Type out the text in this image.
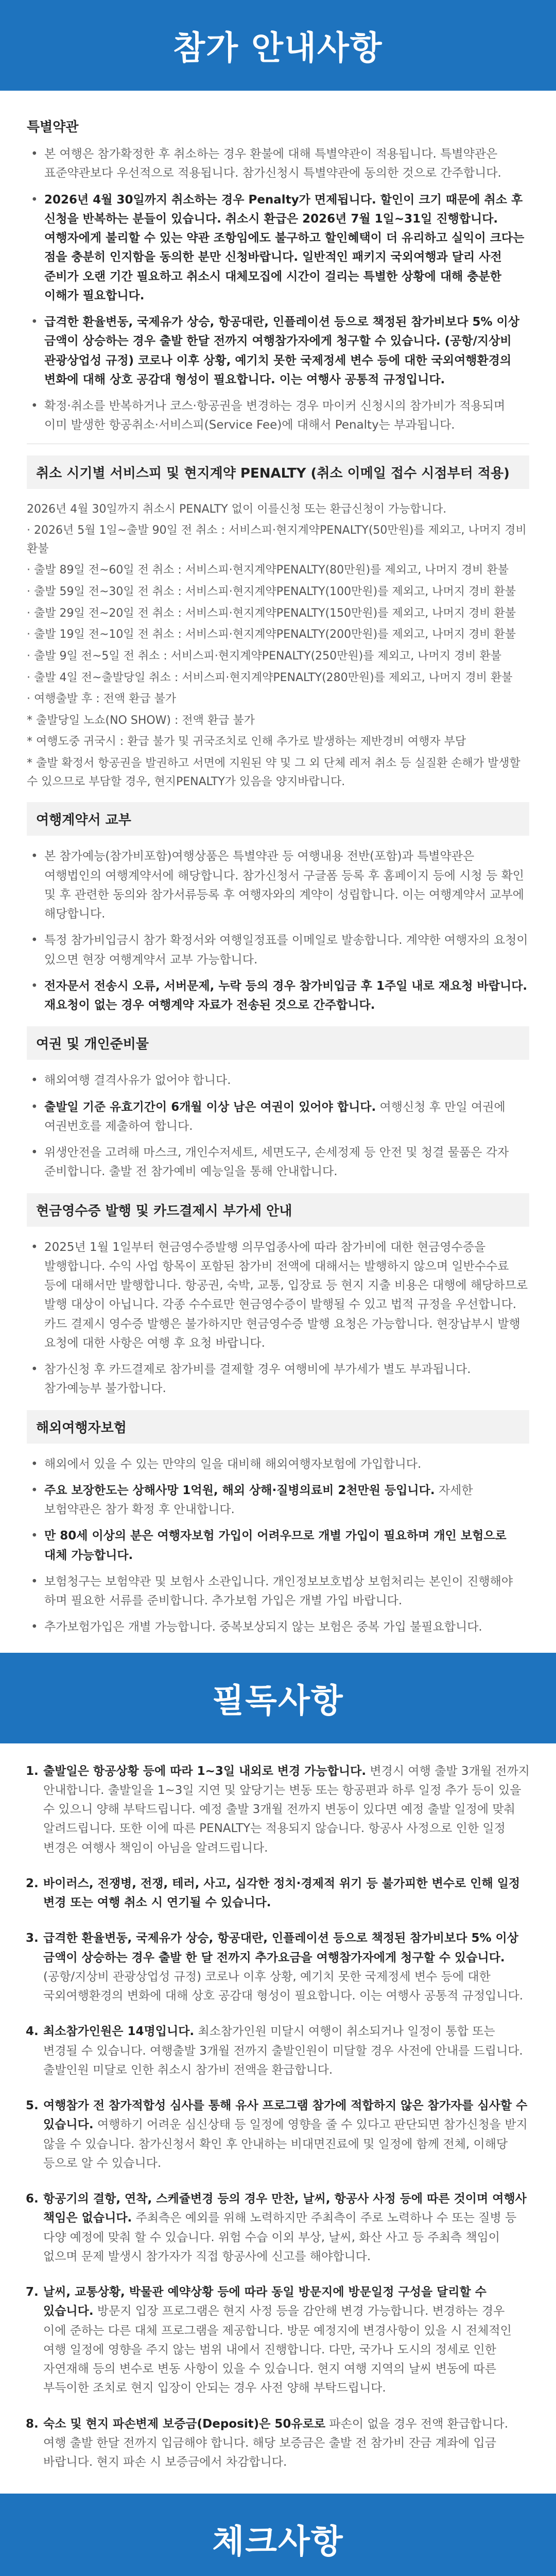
참가 안내사항
특별약관
• 본 여행은 참가확정한 후 취소하는 경우 환불에 대해 특별약관이 적용됩니다. 특별약관은 표준약관보다 우선적으로 적용됩니다. 참가신청시 특별약관에 동의한 것으로 간주합니다.
• 2026년 4월 30일까지 취소하는 경우 Penalty가 면제됩니다. 할인이 크기 때문에 취소 후 신청을 반복하는 분들이 있습니다. 취소시 환급은 2026년 7월 1일~31일 진행합니다. 여행자에게 불리할 수 있는 약관 조항임에도 불구하고 할인혜택이 더 유리하고 실익이 크다는 점을 충분히 인지함을 동의한 분만 신청바랍니다. 일반적인 패키지 국외여행과 달리 사전 준비가 오랜 기간 필요하고 취소시 대체모집에 시간이 걸리는 특별한 상황에 대해 충분한 이해가 필요합니다.
• 급격한 환율변동, 국제유가 상승, 항공대란, 인플레이션 등으로 책정된 참가비보다 5% 이상 금액이 상승하는 경우 출발 한달 전까지 여행참가자에게 청구할 수 있습니다. (공항/지상비 관광상업성 규정) 코로나 이후 상황, 예기치 못한 국제정세 변수 등에 대한 국외여행환경의 변화에 대해 상호 공감대 형성이 필요합니다. 이는 여행사 공통적 규정입니다.
• 확정·취소를 반복하거나 코스·항공권을 변경하는 경우 마이커 신청시의 참가비가 적용되며 이미 발생한 항공취소·서비스피(Service Fee)에 대해서 Penalty는 부과됩니다.
취소 시기별 서비스피 및 현지계약 PENALTY (취소 이메일 접수 시점부터 적용)

2026년 4월 30일까지 취소시 PENALTY 없이 이를신청 또는 환급신청이 가능합니다.

· 2026년 5월 1일~출발 90일 전 취소 : 서비스피·현지계약PENALTY(50만원)를 제외고, 나머지 경비 환불

· 출발 89일 전~60일 전 취소 : 서비스피·현지계약PENALTY(80만원)를 제외고, 나머지 경비 환불

· 출발 59일 전~30일 전 취소 : 서비스피·현지계약PENALTY(100만원)를 제외고, 나머지 경비 환불

· 출발 29일 전~20일 전 취소 : 서비스피·현지계약PENALTY(150만원)를 제외고, 나머지 경비 환불

· 출발 19일 전~10일 전 취소 : 서비스피·현지계약PENALTY(200만원)를 제외고, 나머지 경비 환불

· 출발 9일 전~5일 전 취소 : 서비스피·현지계약PENALTY(250만원)를 제외고, 나머지 경비 환불

· 출발 4일 전~출발당일 취소 : 서비스피·현지계약PENALTY(280만원)를 제외고, 나머지 경비 환불

· 여행출발 후 : 전액 환급 불가

* 출발당일 노쇼(NO SHOW) : 전액 환급 불가

* 여행도중 귀국시 : 환급 불가 및 귀국조치로 인해 추가로 발생하는 제반경비 여행자 부담

* 출발 확정서 항공권을 발권하고 서면에 지원된 약 및 그 외 단체 레저 취소 등 실질환 손해가 발생할 수 있으므로 부담할 경우, 현지PENALTY가 있음을 양지바랍니다.

여행계약서 교부
• 본 참가예능(참가비포함)여행상품은 특별약관 등 여행내용 전반(포함)과 특별약관은 여행법인의 여행계약서에 해당합니다. 참가신청서 구글폼 등록 후 홈페이지 등에 시청 등 확인 및 후 관련한 동의와 참가서류등록 후 여행자와의 계약이 성립합니다. 이는 여행계약서 교부에 해당합니다.
• 특정 참가비입금시 참가 확정서와 여행일정표를 이메일로 발송합니다. 계약한 여행자의 요청이 있으면 현장 여행계약서 교부 가능합니다.
• 전자문서 전송시 오류, 서버문제, 누락 등의 경우 참가비입금 후 1주일 내로 재요청 바랍니다. 재요청이 없는 경우 여행계약 자료가 전송된 것으로 간주합니다.
여권 및 개인준비물
• 해외여행 결격사유가 없어야 합니다.
• 출발일 기준 유효기간이 6개월 이상 남은 여권이 있어야 합니다. 여행신청 후 만일 여권에 여권번호를 제출하여 합니다.
• 위생안전을 고려해 마스크, 개인수저세트, 세면도구, 손세정제 등 안전 및 청결 물품은 각자 준비합니다. 출발 전 참가예비 예능일을 통해 안내합니다.
현금영수증 발행 및 카드결제시 부가세 안내
• 2025년 1월 1일부터 현금영수증발행 의무업종사에 따라 참가비에 대한 현금영수증을 발행합니다. 수익 사업 항목이 포함된 참가비 전액에 대해서는 발행하지 않으며 일반수수료 등에 대해서만 발행합니다. 항공권, 숙박, 교통, 입장료 등 현지 지출 비용은 대행에 해당하므로 발행 대상이 아닙니다. 각종 수수료만 현금영수증이 발행될 수 있고 법적 규정을 우선합니다. 카드 결제시 영수증 발행은 불가하지만 현금영수증 발행 요청은 가능합니다. 현장납부시 발행 요청에 대한 사항은 여행 후 요청 바랍니다.
• 참가신청 후 카드결제로 참가비를 결제할 경우 여행비에 부가세가 별도 부과됩니다. 참가예능부 불가합니다.
해외여행자보험
• 해외에서 있을 수 있는 만약의 일을 대비해 해외여행자보험에 가입합니다.
• 주요 보장한도는 상해사망 1억원, 해외 상해·질병의료비 2천만원 등입니다. 자세한 보험약관은 참가 확정 후 안내합니다.
• 만 80세 이상의 분은 여행자보험 가입이 어려우므로 개별 가입이 필요하며 개인 보험으로 대체 가능합니다.
• 보험청구는 보험약관 및 보험사 소관입니다. 개인정보보호법상 보험처리는 본인이 진행해야 하며 필요한 서류를 준비합니다. 추가보험 가입은 개별 가입 바랍니다.
• 추가보험가입은 개별 가능합니다. 중복보상되지 않는 보험은 중복 가입 불필요합니다.
필독사항
1. 출발일은 항공상황 등에 따라 1~3일 내외로 변경 가능합니다. 변경시 여행 출발 3개월 전까지 안내합니다. 출발일을 1~3일 지연 및 앞당기는 변동 또는 항공편과 하루 일정 추가 등이 있을 수 있으니 양해 부탁드립니다. 예정 출발 3개월 전까지 변동이 있다면 예정 출발 일정에 맞춰 알려드립니다. 또한 이에 따른 PENALTY는 적용되지 않습니다. 항공사 사정으로 인한 일정 변경은 여행사 책임이 아님을 알려드립니다.
2. 바이러스, 전쟁병, 전쟁, 테러, 사고, 심각한 정치·경제적 위기 등 불가피한 변수로 인해 일정 변경 또는 여행 취소 시 연기될 수 있습니다.
3. 급격한 환율변동, 국제유가 상승, 항공대란, 인플레이션 등으로 책정된 참가비보다 5% 이상 금액이 상승하는 경우 출발 한 달 전까지 추가요금을 여행참가자에게 청구할 수 있습니다. (공항/지상비 관광상업성 규정) 코로나 이후 상황, 예기치 못한 국제정세 변수 등에 대한 국외여행환경의 변화에 대해 상호 공감대 형성이 필요합니다. 이는 여행사 공통적 규정입니다.
4. 최소참가인원은 14명입니다. 최소참가인원 미달시 여행이 취소되거나 일정이 통합 또는 변경될 수 있습니다. 여행출발 3개월 전까지 출발인원이 미달할 경우 사전에 안내를 드립니다. 출발인원 미달로 인한 취소시 참가비 전액을 환급합니다.
5. 여행참가 전 참가적합성 심사를 통해 유사 프로그램 참가에 적합하지 않은 참가자를 심사할 수 있습니다. 여행하기 어려운 심신상태 등 일정에 영향을 줄 수 있다고 판단되면 참가신청을 받지 않을 수 있습니다. 참가신청서 확인 후 안내하는 비대면진료에 및 일정에 함께 전체, 이해당 등으로 알 수 있습니다.
6. 항공기의 결항, 연착, 스케쥴변경 등의 경우 만찬, 날씨, 항공사 사정 등에 따른 것이며 여행사 책임은 없습니다. 주최측은 예외를 위해 노력하지만 주최측이 주로 노력하나 수 또는 질병 등 다양 예정에 맞춰 할 수 있습니다. 위험 수습 이외 부상, 날씨, 화산 사고 등 주최측 책임이 없으며 문제 발생시 참가자가 직접 항공사에 신고를 해야합니다.
7. 날씨, 교통상황, 박물관 예약상황 등에 따라 동일 방문지에 방문일정 구성을 달리할 수 있습니다. 방문지 입장 프로그램은 현지 사정 등을 감안해 변경 가능합니다. 변경하는 경우 이에 준하는 다른 대체 프로그램을 제공합니다. 방문 예정지에 변경사항이 있을 시 전체적인 여행 일정에 영향을 주지 않는 범위 내에서 진행합니다. 다만, 국가나 도시의 정세로 인한 자연재해 등의 변수로 변동 사항이 있을 수 있습니다. 현지 여행 지역의 날씨 변동에 따른 부득이한 조치로 현지 입장이 안되는 경우 사전 양해 부탁드립니다.
8. 숙소 및 현지 파손변제 보증금(Deposit)은 50유로로 파손이 없을 경우 전액 환급합니다. 여행 출발 한달 전까지 입금해야 합니다. 해당 보증금은 출발 전 참가비 잔금 계좌에 입금 바랍니다. 현지 파손 시 보증금에서 차감합니다.
체크사항
